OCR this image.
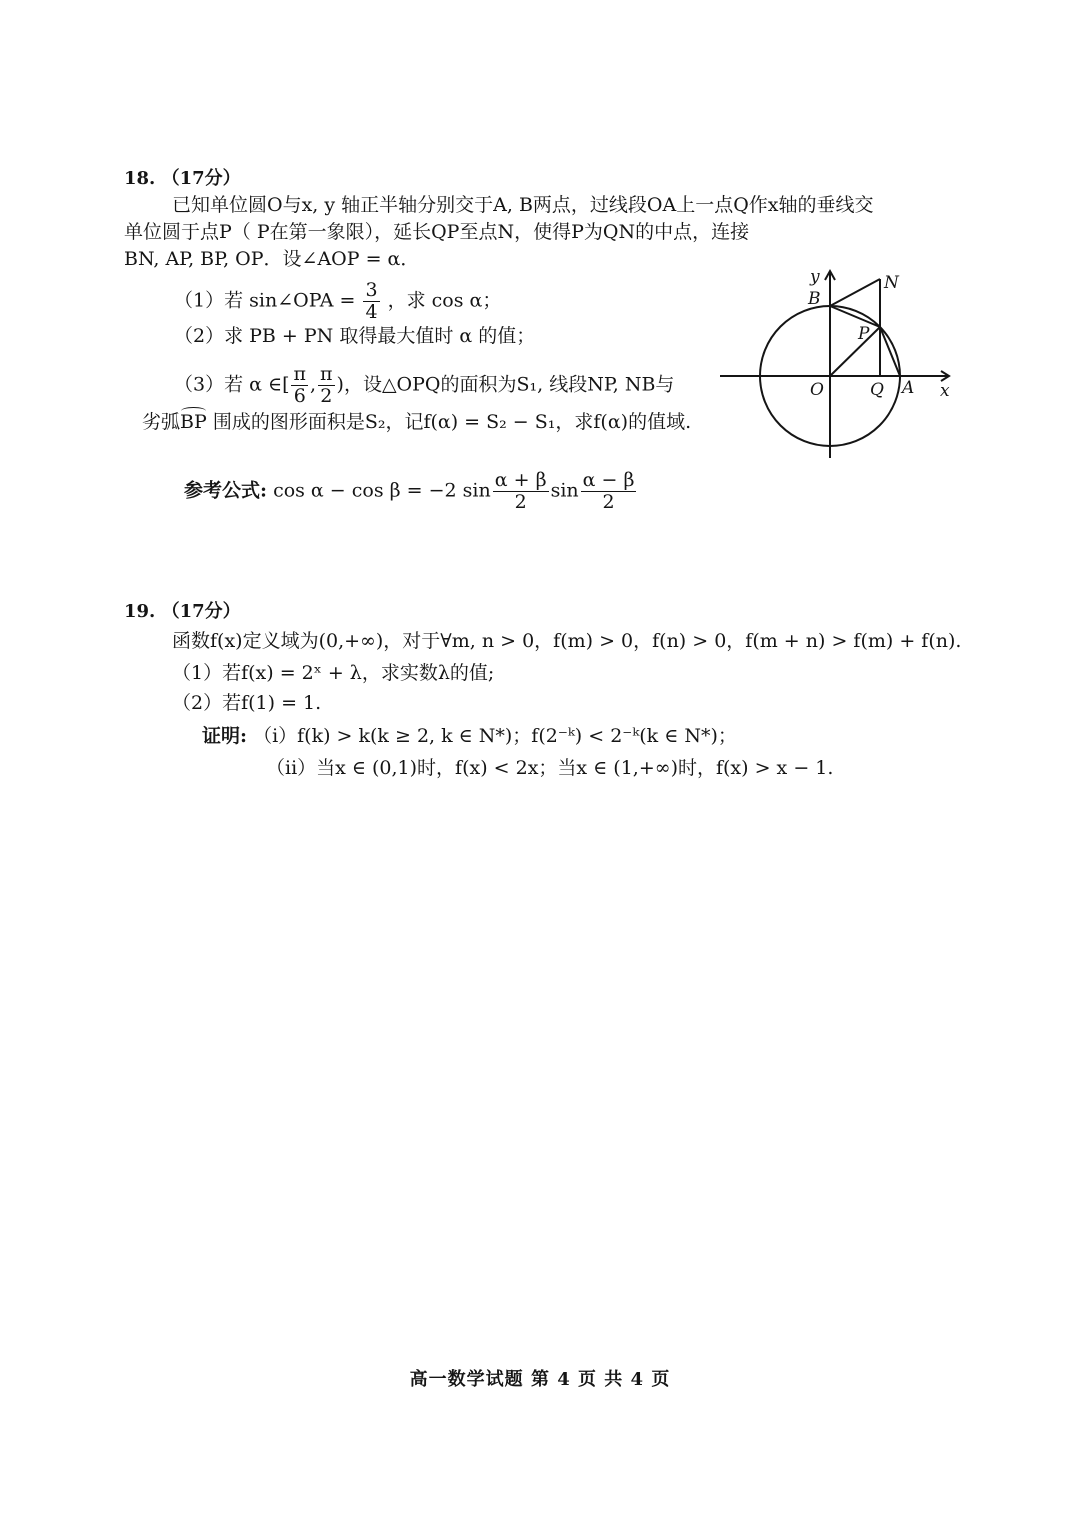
18. （17分）
已知单位圆O与x, y 轴正半轴分别交于A, B两点，过线段OA上一点Q作x轴的垂线交
单位圆于点P（ P在第一象限），延长QP至点N，使得P为QN的中点，连接
BN, AP, BP, OP．设∠AOP = α．
（1）若 sin∠OPA = $\frac{3}{4}$ ，求 cos α；
（2）求 PB + PN 取得最大值时 α 的值；
（3）若 α ∈[ $\frac{\pi}{6}$ , $\frac{\pi}{2}$ )，设△OPQ的面积为S₁, 线段NP, NB与
劣弧BP 围成的图形面积是S₂，记f(α) = S₂ − S₁，求f(α)的值域.
参考公式: cos α − cos β = −2 $\sin \frac{\alpha + \beta}{2}$ $\sin \frac{\alpha - \beta}{2}$
y
B
N
P
O	Q A x
19. （17分）
函数f(x)定义域为(0,+∞)，对于∀m, n > 0，f(m) > 0，f(n) > 0，f(m + n) > f(m) + f(n).
（1）若f(x) = 2ˣ + λ，求实数λ的值;
（2）若f(1) = 1.
证明: （i）f(k) > k(k ≥ 2, k ∈ N*)；f(2⁻ᵏ) < 2⁻ᵏ(k ∈ N*)；
（ii）当x ∈ (0,1)时，f(x) < 2x；当x ∈ (1,+∞)时，f(x) > x − 1.
高一数学试题 第 4 页 共 4 页
